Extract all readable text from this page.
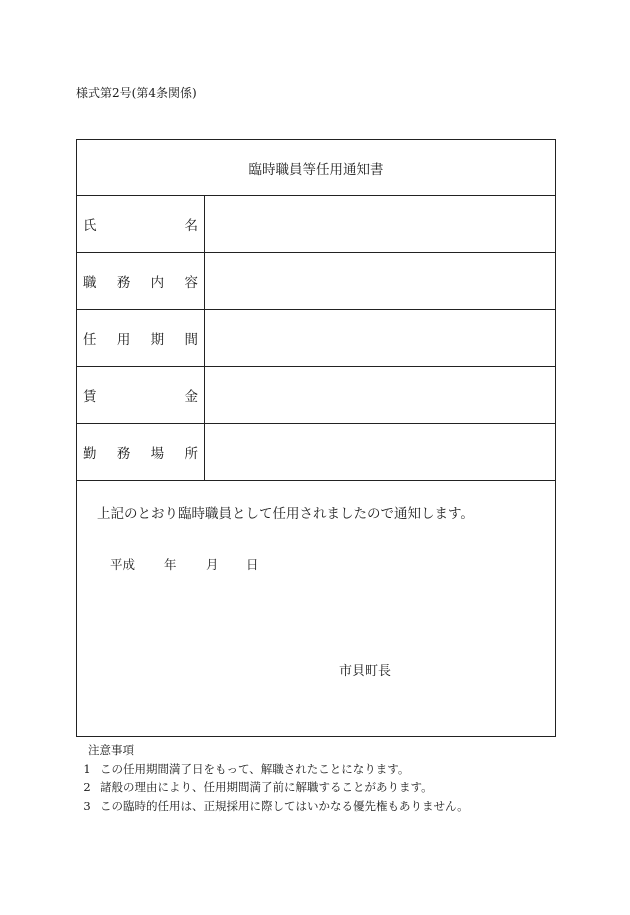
様式第2号(第4条関係)
臨時職員等任用通知書
氏	名
職 務 内 容
任 用 期 間
賃	金
勤 務 場 所
上記のとおり臨時職員として任用されましたので通知します。
平成 年 月 日
市貝町長
注意事項
1 この任用期間満了日をもって、解職されたことになります。
2 諸般の理由により、任用期間満了前に解職することがあります。
3 この臨時的任用は、正規採用に際してはいかなる優先権もありません。
